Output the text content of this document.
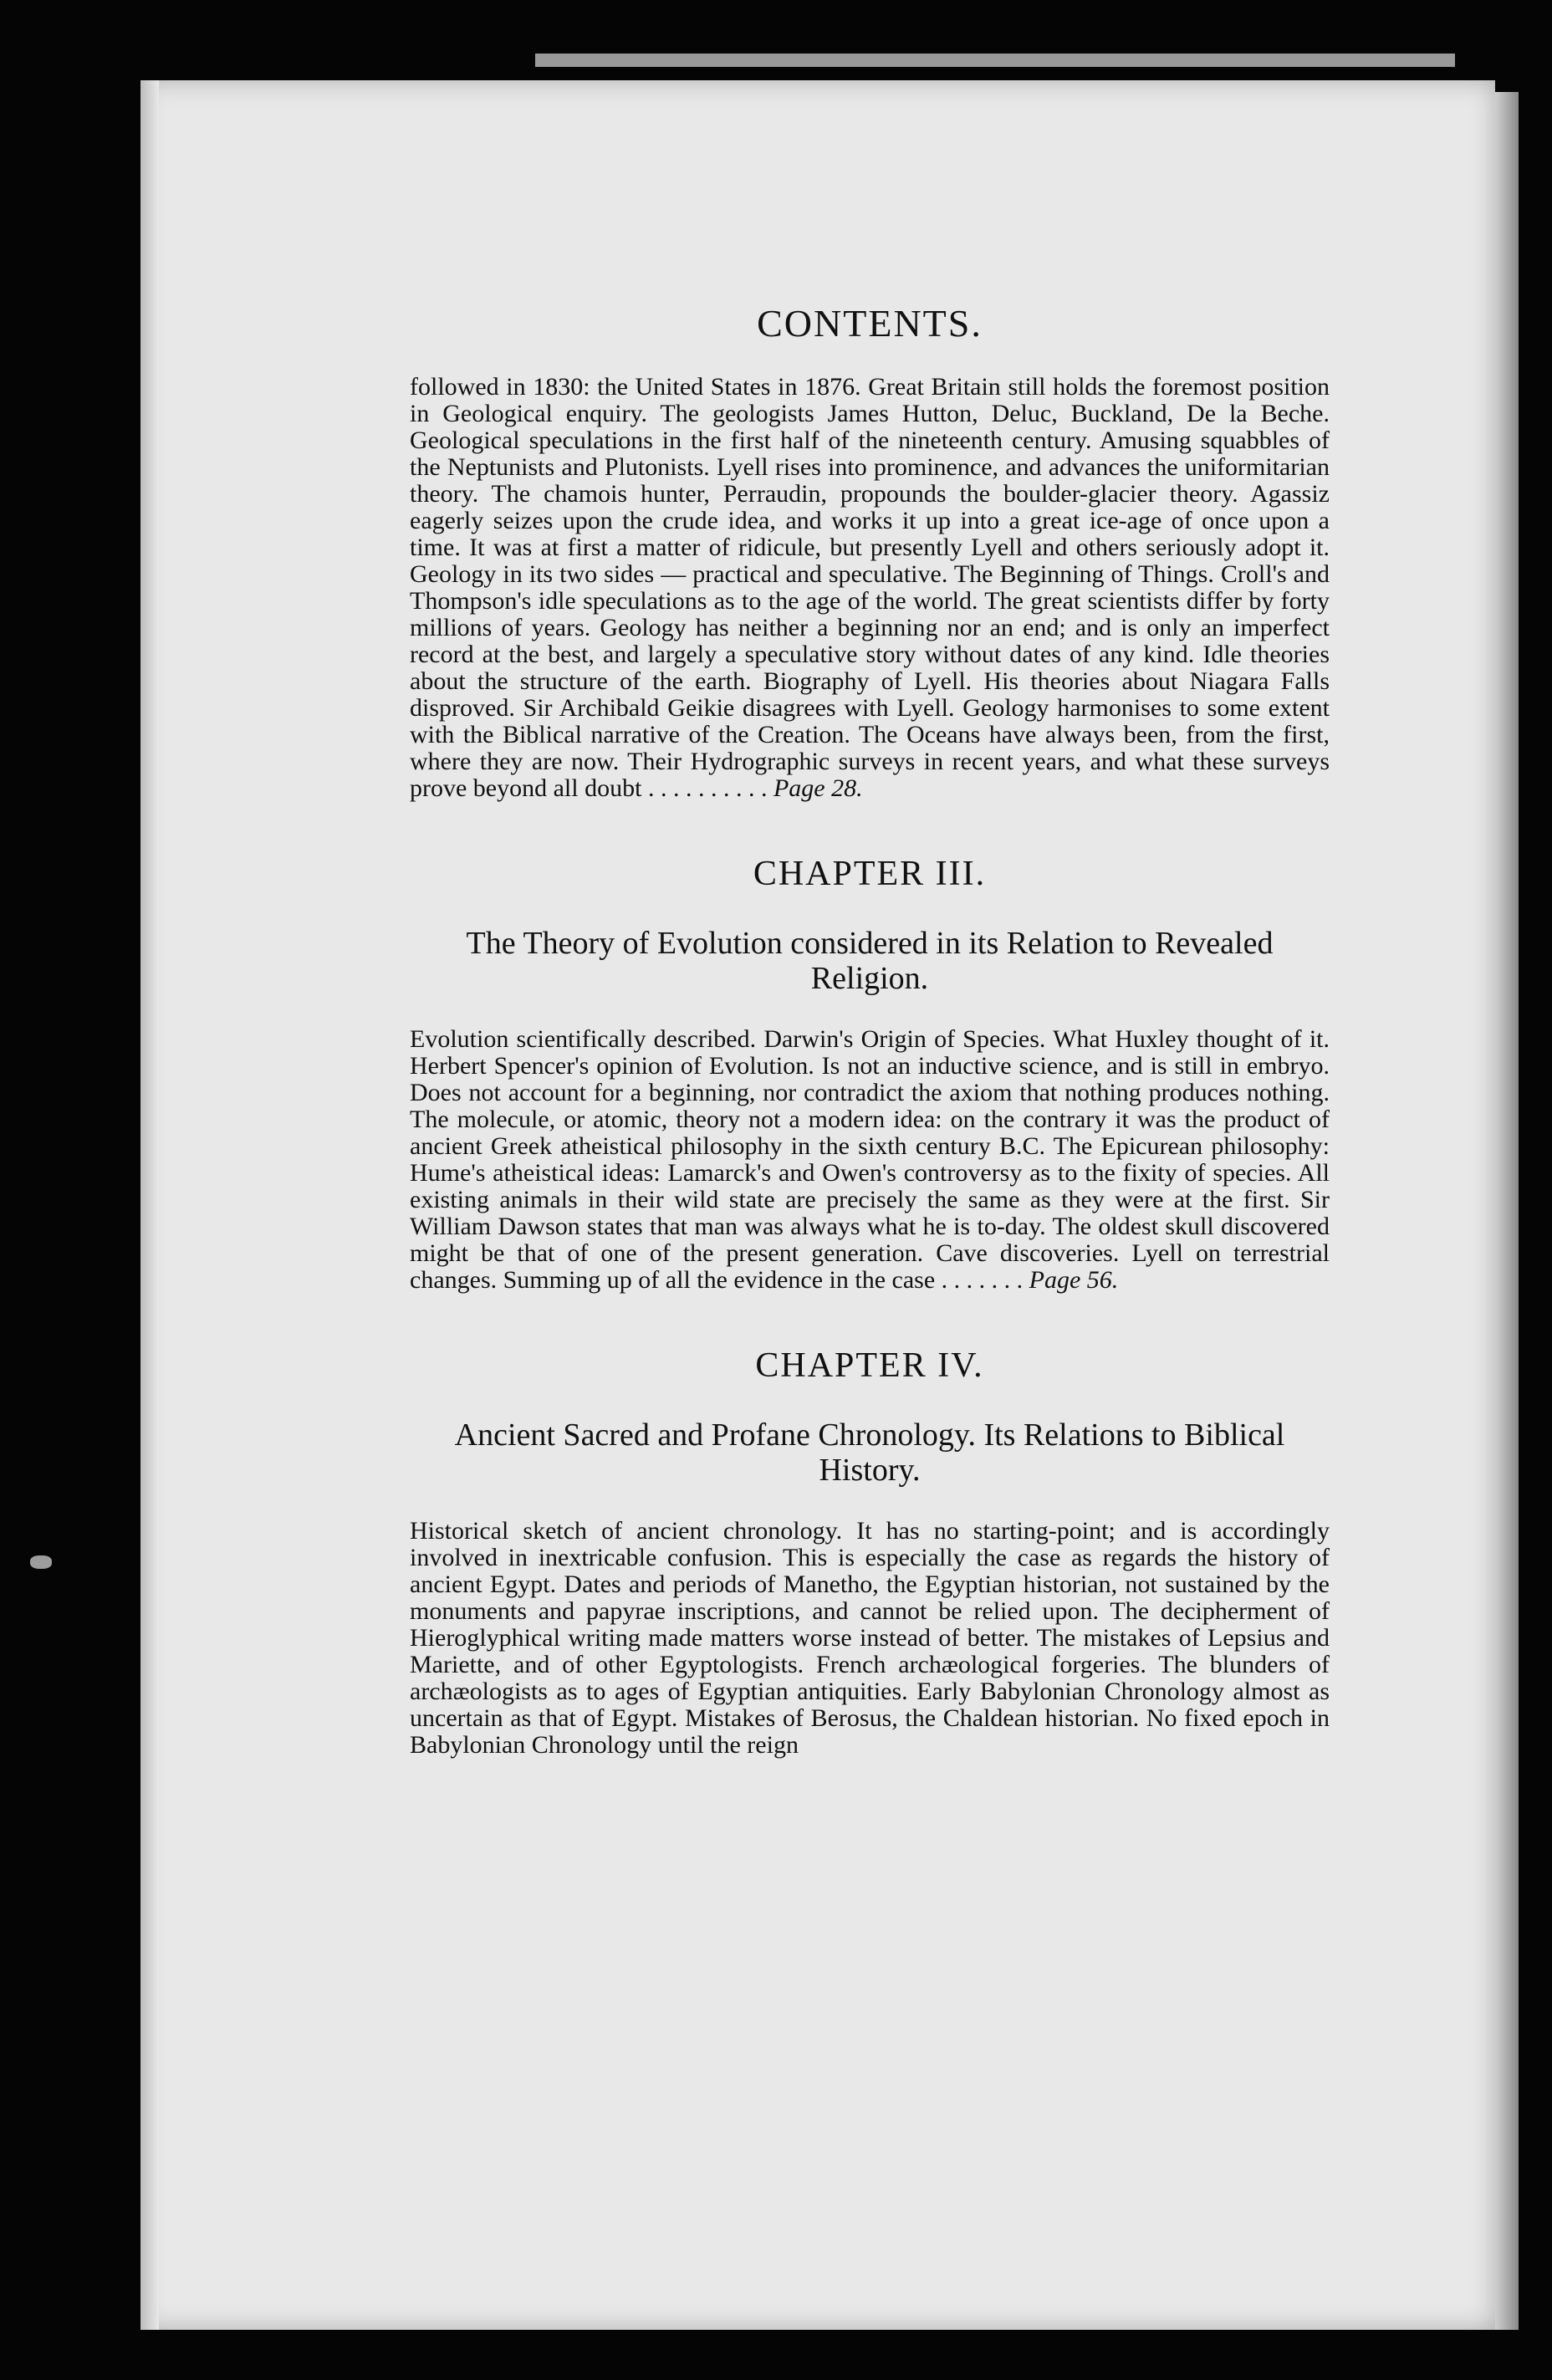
CONTENTS.

followed in 1830: the United States in 1876. Great Britain still holds the foremost position in Geological enquiry. The geologists James Hutton, Deluc, Buckland, De la Beche. Geological speculations in the first half of the nineteenth century. Amusing squabbles of the Neptunists and Plutonists. Lyell rises into prominence, and advances the uniformitarian theory. The chamois hunter, Perraudin, propounds the boulder-glacier theory. Agassiz eagerly seizes upon the crude idea, and works it up into a great ice-age of once upon a time. It was at first a matter of ridicule, but presently Lyell and others seriously adopt it. Geology in its two sides — practical and speculative. The Beginning of Things. Croll's and Thompson's idle speculations as to the age of the world. The great scientists differ by forty millions of years. Geology has neither a beginning nor an end; and is only an imperfect record at the best, and largely a speculative story without dates of any kind. Idle theories about the structure of the earth. Biography of Lyell. His theories about Niagara Falls disproved. Sir Archibald Geikie disagrees with Lyell. Geology harmonises to some extent with the Biblical narrative of the Creation. The Oceans have always been, from the first, where they are now. Their Hydrographic surveys in recent years, and what these surveys prove beyond all doubt . . . . . . . . . . Page 28.

CHAPTER III.
The Theory of Evolution considered in its Relation to Revealed Religion.

Evolution scientifically described. Darwin's Origin of Species. What Huxley thought of it. Herbert Spencer's opinion of Evolution. Is not an inductive science, and is still in embryo. Does not account for a beginning, nor contradict the axiom that nothing produces nothing. The molecule, or atomic, theory not a modern idea: on the contrary it was the product of ancient Greek atheistical philosophy in the sixth century B.C. The Epicurean philosophy: Hume's atheistical ideas: Lamarck's and Owen's controversy as to the fixity of species. All existing animals in their wild state are precisely the same as they were at the first. Sir William Dawson states that man was always what he is to-day. The oldest skull discovered might be that of one of the present generation. Cave discoveries. Lyell on terrestrial changes. Summing up of all the evidence in the case . . . . . . . Page 56.

CHAPTER IV.
Ancient Sacred and Profane Chronology. Its Relations to Biblical History.

Historical sketch of ancient chronology. It has no starting-point; and is accordingly involved in inextricable confusion. This is especially the case as regards the history of ancient Egypt. Dates and periods of Manetho, the Egyptian historian, not sustained by the monuments and papyrae inscriptions, and cannot be relied upon. The decipherment of Hieroglyphical writing made matters worse instead of better. The mistakes of Lepsius and Mariette, and of other Egyptologists. French archæological forgeries. The blunders of archæologists as to ages of Egyptian antiquities. Early Babylonian Chronology almost as uncertain as that of Egypt. Mistakes of Berosus, the Chaldean historian. No fixed epoch in Babylonian Chronology until the reign
